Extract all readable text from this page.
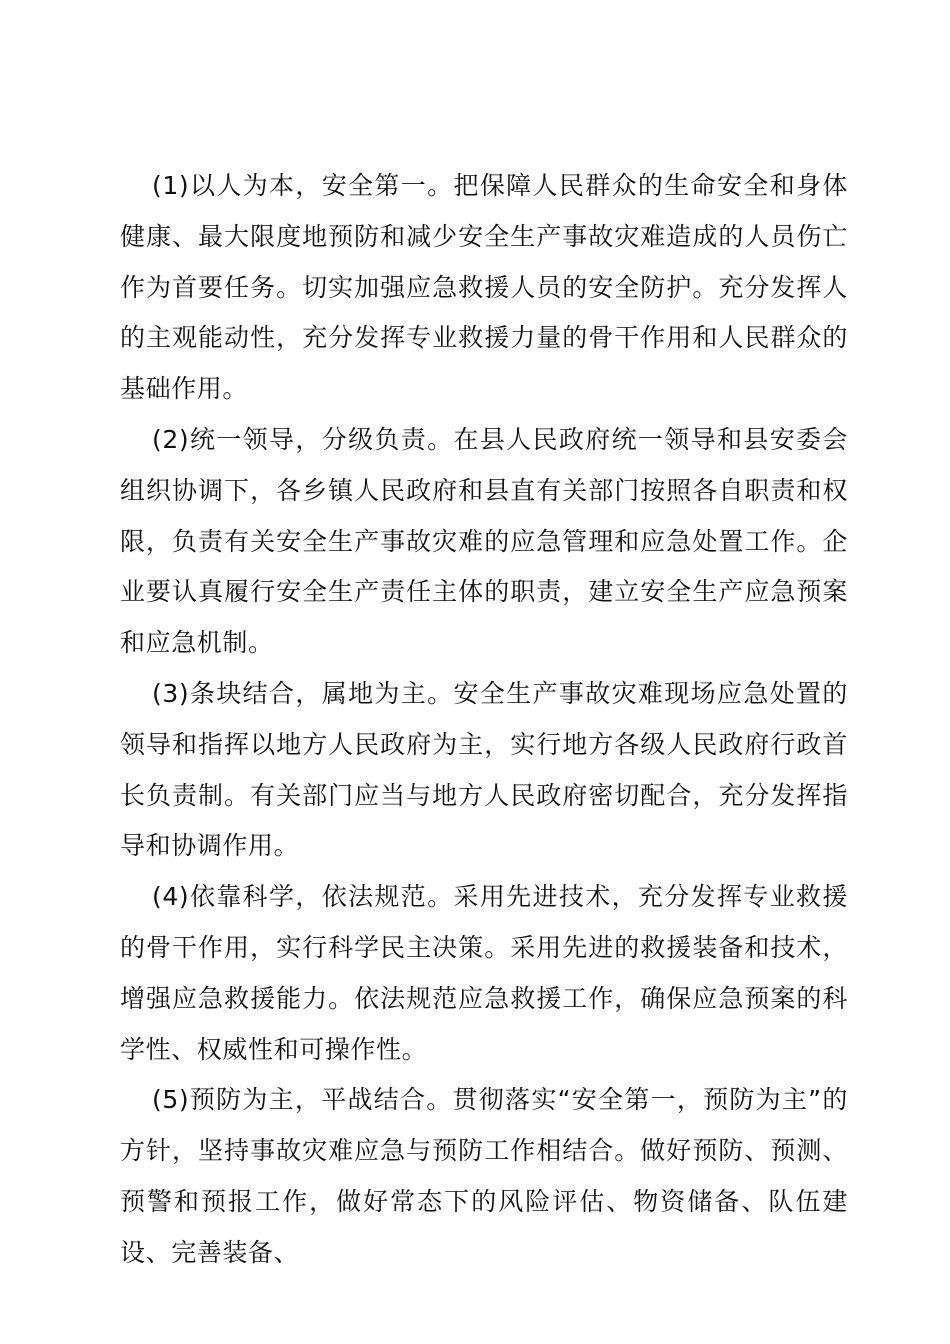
(1)以人为本，安全第一。把保障人民群众的生命安全和身体健康、最大限度地预防和减少安全生产事故灾难造成的人员伤亡作为首要任务。切实加强应急救援人员的安全防护。充分发挥人的主观能动性，充分发挥专业救援力量的骨干作用和人民群众的基础作用。

(2)统一领导，分级负责。在县人民政府统一领导和县安委会组织协调下，各乡镇人民政府和县直有关部门按照各自职责和权限，负责有关安全生产事故灾难的应急管理和应急处置工作。企业要认真履行安全生产责任主体的职责，建立安全生产应急预案和应急机制。

(3)条块结合，属地为主。安全生产事故灾难现场应急处置的领导和指挥以地方人民政府为主，实行地方各级人民政府行政首长负责制。有关部门应当与地方人民政府密切配合，充分发挥指导和协调作用。

(4)依靠科学，依法规范。采用先进技术，充分发挥专业救援的骨干作用，实行科学民主决策。采用先进的救援装备和技术，增强应急救援能力。依法规范应急救援工作，确保应急预案的科学性、权威性和可操作性。

(5)预防为主，平战结合。贯彻落实“安全第一，预防为主”的方针，坚持事故灾难应急与预防工作相结合。做好预防、预测、预警和预报工作，做好常态下的风险评估、物资储备、队伍建设、完善装备、
